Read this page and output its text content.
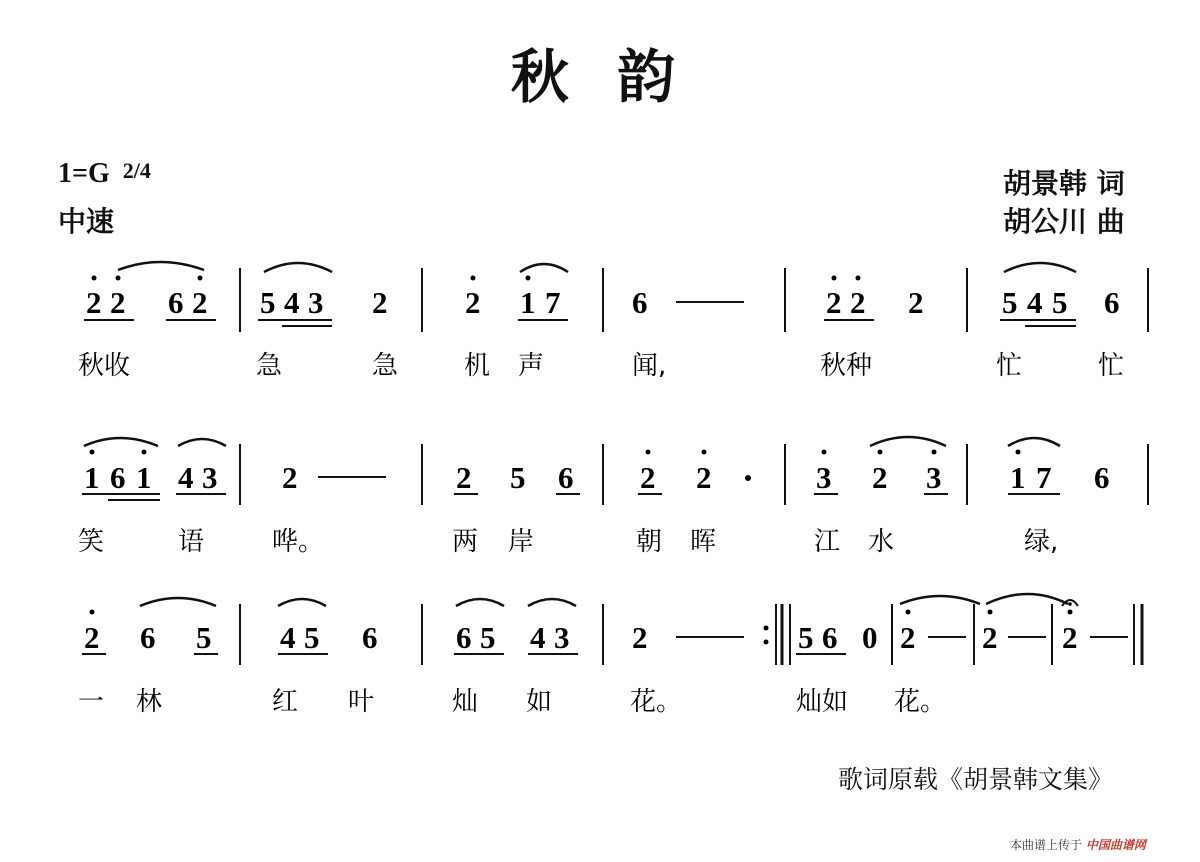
秋 韵
1=G 2/4
中速
胡景韩 词
胡公川 曲
2 2 6 2 5 4 3 2	2 1 7 6	2 2 2	5 4 5 6
秋收	急	急	机 声	闻,	秋种	忙	忙
1 6 1 4 3 2	2 5 6 2 2	3 2 3 1 7 6
笑	语	哗。	两 岸	朝 晖	江 水	绿,
2 6 5 4 5 6	6 5 4 3 2	5 6 0 2 2 2
一 林	红 叶	灿 如	花。	灿如 花。
歌词原载《胡景韩文集》
本曲谱上传于 中国曲谱网
